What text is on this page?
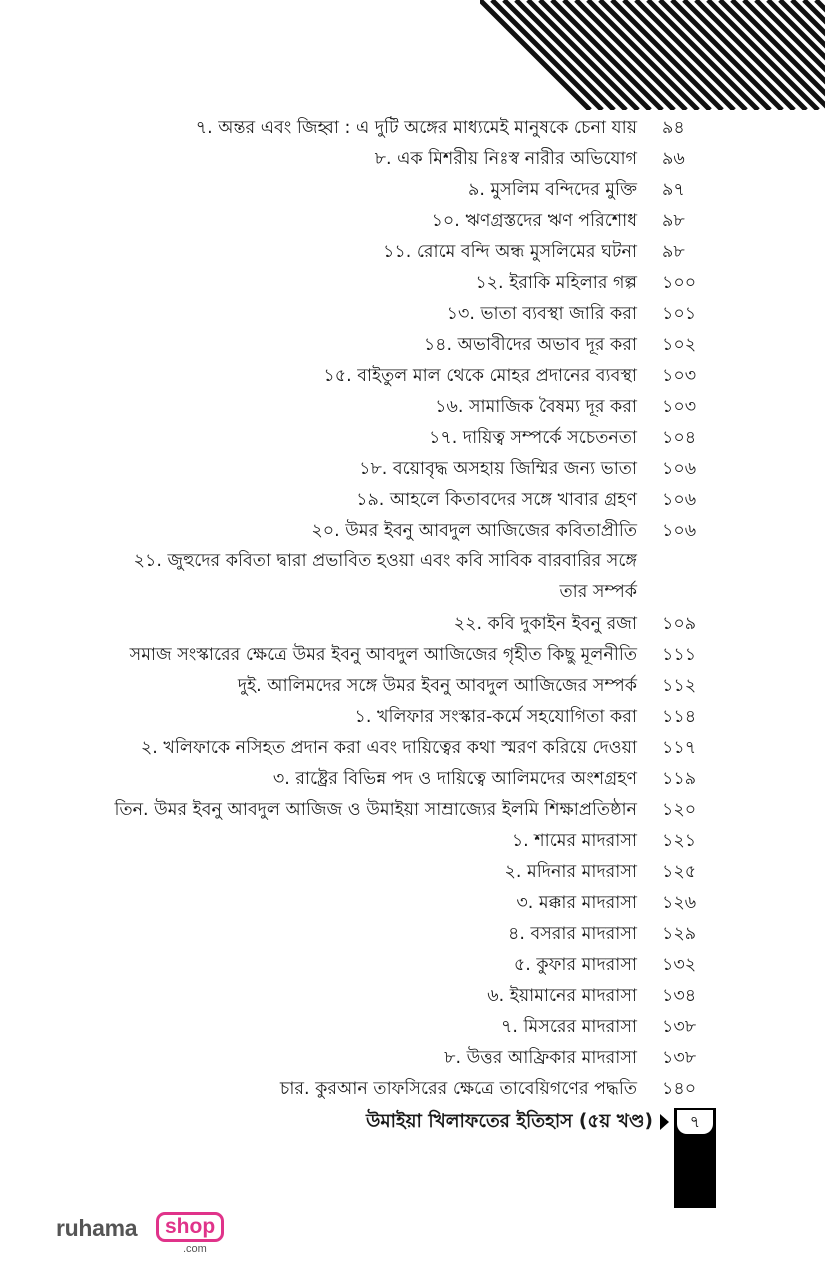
৭. অন্তর এবং জিহ্বা : এ দুটি অঙ্গের মাধ্যমেই মানুষকে চেনা যায় ৯৪
৮. এক মিশরীয় নিঃস্ব নারীর অভিযোগ ৯৬
৯. মুসলিম বন্দিদের মুক্তি ৯৭
১০. ঋণগ্রস্তদের ঋণ পরিশোধ ৯৮
১১. রোমে বন্দি অন্ধ মুসলিমের ঘটনা ৯৮
১২. ইরাকি মহিলার গল্প ১০০
১৩. ভাতা ব্যবস্থা জারি করা ১০১
১৪. অভাবীদের অভাব দূর করা ১০২
১৫. বাইতুল মাল থেকে মোহর প্রদানের ব্যবস্থা ১০৩
১৬. সামাজিক বৈষম্য দূর করা ১০৩
১৭. দায়িত্ব সম্পর্কে সচেতনতা ১০৪
১৮. বয়োবৃদ্ধ অসহায় জিম্মির জন্য ভাতা ১০৬
১৯. আহলে কিতাবদের সঙ্গে খাবার গ্রহণ ১০৬
২০. উমর ইবনু আবদুল আজিজের কবিতাপ্রীতি ১০৬
২১. জুহুদের কবিতা দ্বারা প্রভাবিত হওয়া এবং কবি সাবিক বারবারির সঙ্গে তার সম্পর্ক
২২. কবি দুকাইন ইবনু রজা ১০৯
সমাজ সংস্কারের ক্ষেত্রে উমর ইবনু আবদুল আজিজের গৃহীত কিছু মূলনীতি ১১১
দুই. আলিমদের সঙ্গে উমর ইবনু আবদুল আজিজের সম্পর্ক ১১২
১. খলিফার সংস্কার-কর্মে সহযোগিতা করা ১১৪
২. খলিফাকে নসিহত প্রদান করা এবং দায়িত্বের কথা স্মরণ করিয়ে দেওয়া ১১৭
৩. রাষ্ট্রের বিভিন্ন পদ ও দায়িত্বে আলিমদের অংশগ্রহণ ১১৯
তিন. উমর ইবনু আবদুল আজিজ ও উমাইয়া সাম্রাজ্যের ইলমি শিক্ষাপ্রতিষ্ঠান ১২০
১. শামের মাদরাসা ১২১
২. মদিনার মাদরাসা ১২৫
৩. মক্কার মাদরাসা ১২৬
৪. বসরার মাদরাসা ১২৯
৫. কুফার মাদরাসা ১৩২
৬. ইয়ামানের মাদরাসা ১৩৪
৭. মিসরের মাদরাসা ১৩৮
৮. উত্তর আফ্রিকার মাদরাসা ১৩৮
চার. কুরআন তাফসিরের ক্ষেত্রে তাবেয়িগণের পদ্ধতি ১৪০
উমাইয়া খিলাফতের ইতিহাস (৫য় খণ্ড)	৭
ruhama	shop
.com
